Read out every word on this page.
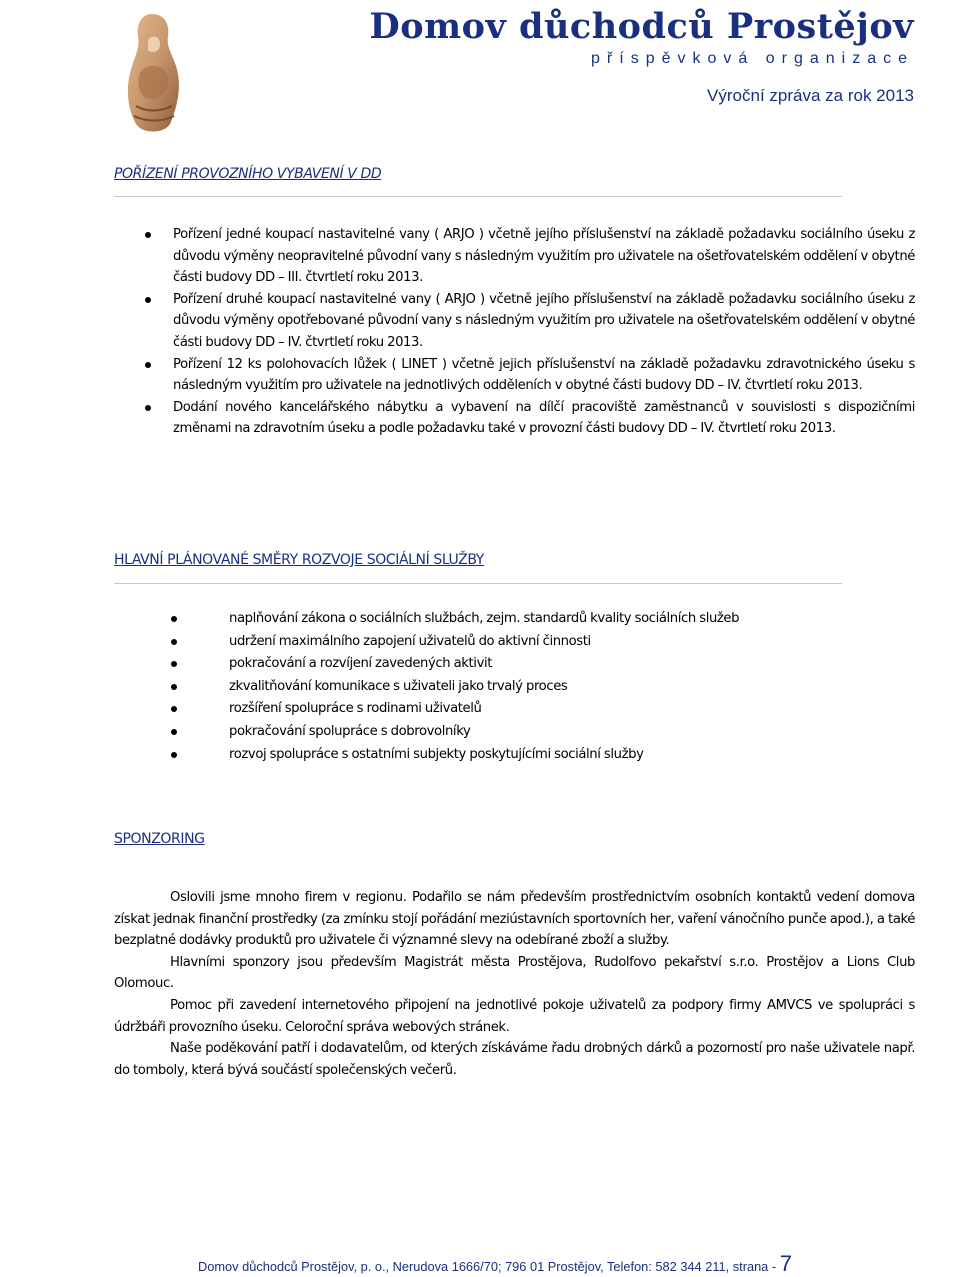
Domov důchodců Prostějov
příspěvková organizace
Výroční zpráva za rok 2013
POŘÍZENÍ PROVOZNÍHO VYBAVENÍ V DD
Pořízení jedné koupací nastavitelné vany ( ARJO ) včetně jejího příslušenství na základě požadavku sociálního úseku z důvodu výměny neopravitelné původní vany s následným využitím pro uživatele na ošetřovatelském oddělení v obytné části budovy DD – III. čtvrtletí roku 2013.
Pořízení druhé koupací nastavitelné vany ( ARJO ) včetně jejího příslušenství na základě požadavku sociálního úseku z důvodu výměny opotřebované původní vany s následným využitím pro uživatele na ošetřovatelském oddělení v obytné části budovy DD – IV. čtvrtletí roku 2013.
Pořízení 12 ks polohovacích lůžek ( LINET ) včetně jejich příslušenství na základě požadavku zdravotnického úseku s následným využitím pro uživatele na jednotlivých odděleních v obytné části budovy DD – IV. čtvrtletí roku 2013.
Dodání nového kancelářského nábytku a vybavení na dílčí pracoviště zaměstnanců v souvislosti s dispozičními změnami na zdravotním úseku a podle požadavku také v provozní části budovy DD – IV. čtvrtletí roku 2013.
HLAVNÍ PLÁNOVANÉ SMĚRY ROZVOJE SOCIÁLNÍ SLUŽBY
naplňování zákona o sociálních službách, zejm. standardů kvality sociálních služeb
udržení maximálního zapojení uživatelů do aktivní činnosti
pokračování a rozvíjení zavedených aktivit
zkvalitňování komunikace s uživateli jako trvalý proces
rozšíření spolupráce s rodinami uživatelů
pokračování spolupráce s dobrovolníky
rozvoj spolupráce s ostatními subjekty poskytujícími sociální služby
SPONZORING

Oslovili jsme mnoho firem v regionu. Podařilo se nám především prostřednictvím osobních kontaktů vedení domova získat jednak finanční prostředky (za zmínku stojí pořádání meziústavních sportovních her, vaření vánočního punče apod.), a také bezplatné dodávky produktů pro uživatele či významné slevy na odebírané zboží a služby.

Hlavními sponzory jsou především Magistrát města Prostějova, Rudolfovo pekařství s.r.o. Prostějov a Lions Club Olomouc.

Pomoc při zavedení internetového připojení na jednotlivé pokoje uživatelů za podpory firmy AMVCS ve spolupráci s údržbáři provozního úseku. Celoroční správa webových stránek.

Naše poděkování patří i dodavatelům, od kterých získáváme řadu drobných dárků a pozorností pro naše uživatele např. do tomboly, která bývá součástí společenských večerů.

Domov důchodců Prostějov, p. o., Nerudova 1666/70; 796 01 Prostějov, Telefon: 582 344 211, strana - 7
